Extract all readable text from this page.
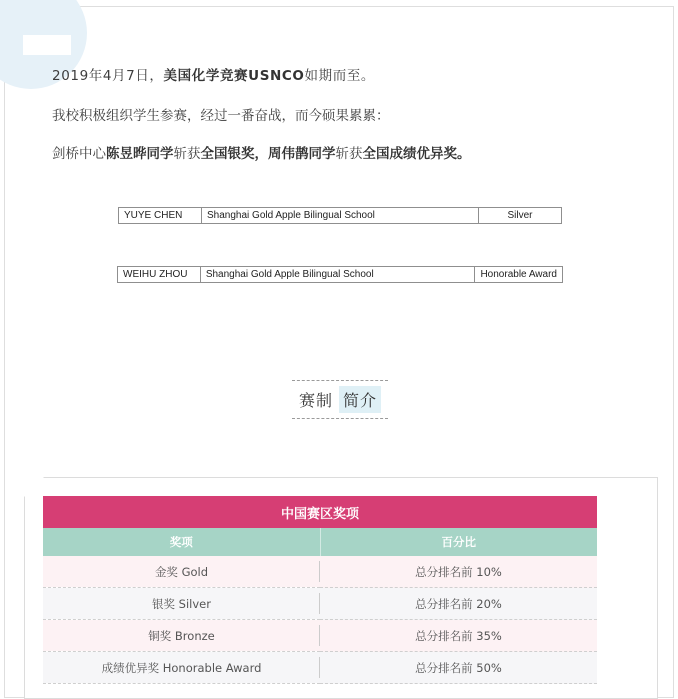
2019年4月7日，美国化学竞赛USNCO如期而至。
我校积极组织学生参赛，经过一番奋战，而今硕果累累：
剑桥中心陈昱晔同学斩获全国银奖，周伟鹊同学斩获全国成绩优异奖。
YUYE CHEN	Shanghai Gold Apple Bilingual School	Silver
WEIHU ZHOU	Shanghai Gold Apple Bilingual School	Honorable Award
赛制 简介
中国赛区奖项	
奖项	百分比
金奖 Gold	总分排名前 10%
银奖 Silver	总分排名前 20%
铜奖 Bronze	总分排名前 35%
成绩优异奖 Honorable Award	总分排名前 50%
